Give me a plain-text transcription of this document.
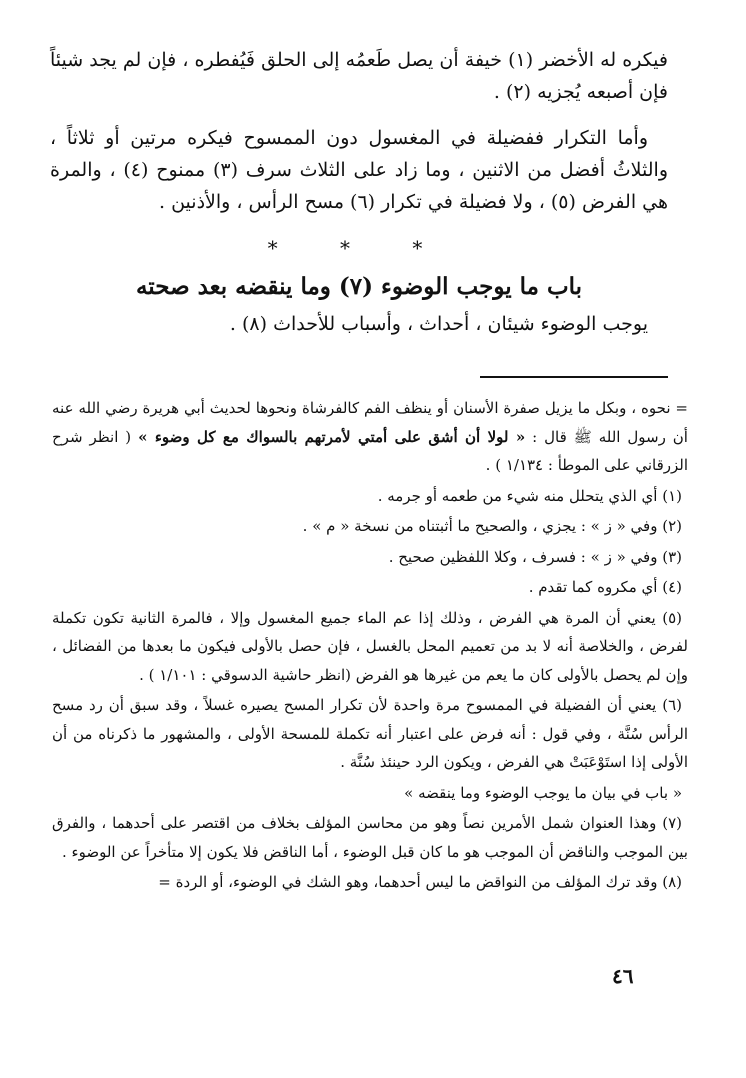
فيكره له الأخضر (١) خيفة أن يصل طَعمُه إلى الحلق فَيُفطره ، فإن لم يجد شيئاً فإن أصبعه يُجزيه (٢) .

وأما التكرار ففضيلة في المغسول دون الممسوح فيكره مرتين أو ثلاثاً ، والثلاثُ أفضل من الاثنين ، وما زاد على الثلاث سرف (٣) ممنوح (٤) ، والمرة هي الفرض (٥) ، ولا فضيلة في تكرار (٦) مسح الرأس ، والأذنين .

* * *
باب ما يوجب الوضوء (٧) وما ينقضه بعد صحته

يوجب الوضوء شيئان ، أحداث ، وأسباب للأحداث (٨) .

= نحوه ، وبكل ما يزيل صفرة الأسنان أو ينظف الفم كالفرشاة ونحوها لحديث أبي هريرة رضي الله عنه أن رسول الله ﷺ قال : « لولا أن أشق على أمتي لأمرتهم بالسواك مع كل وضوء » ( انظر شرح الزرقاني على الموطأ : ١/١٣٤ ) .

(١) أي الذي يتحلل منه شيء من طعمه أو جرمه .

(٢) وفي « ز » : يجزي ، والصحيح ما أثبتناه من نسخة « م » .

(٣) وفي « ز » : فسرف ، وكلا اللفظين صحيح .

(٤) أي مكروه كما تقدم .

(٥) يعني أن المرة هي الفرض ، وذلك إذا عم الماء جميع المغسول وإلا ، فالمرة الثانية تكون تكملة لفرض ، والخلاصة أنه لا بد من تعميم المحل بالغسل ، فإن حصل بالأولى فيكون ما بعدها من الفضائل ، وإن لم يحصل بالأولى كان ما يعم من غيرها هو الفرض (انظر حاشية الدسوقي : ١/١٠١ ) .

(٦) يعني أن الفضيلة في الممسوح مرة واحدة لأن تكرار المسح يصيره غسلاً ، وقد سبق أن رد مسح الرأس سُنَّة ، وفي قول : أنه فرض على اعتبار أنه تكملة للمسحة الأولى ، والمشهور ما ذكرناه من أن الأولى إذا استَوْعَبَتْ هي الفرض ، ويكون الرد حينئذ سُنَّة .

« باب في بيان ما يوجب الوضوء وما ينقضه »

(٧) وهذا العنوان شمل الأمرين نصاً وهو من محاسن المؤلف بخلاف من اقتصر على أحدهما ، والفرق بين الموجب والناقض أن الموجب هو ما كان قبل الوضوء ، أما الناقض فلا يكون إلا متأخراً عن الوضوء .

(٨) وقد ترك المؤلف من النواقض ما ليس أحدهما، وهو الشك في الوضوء، أو الردة =

٤٦
